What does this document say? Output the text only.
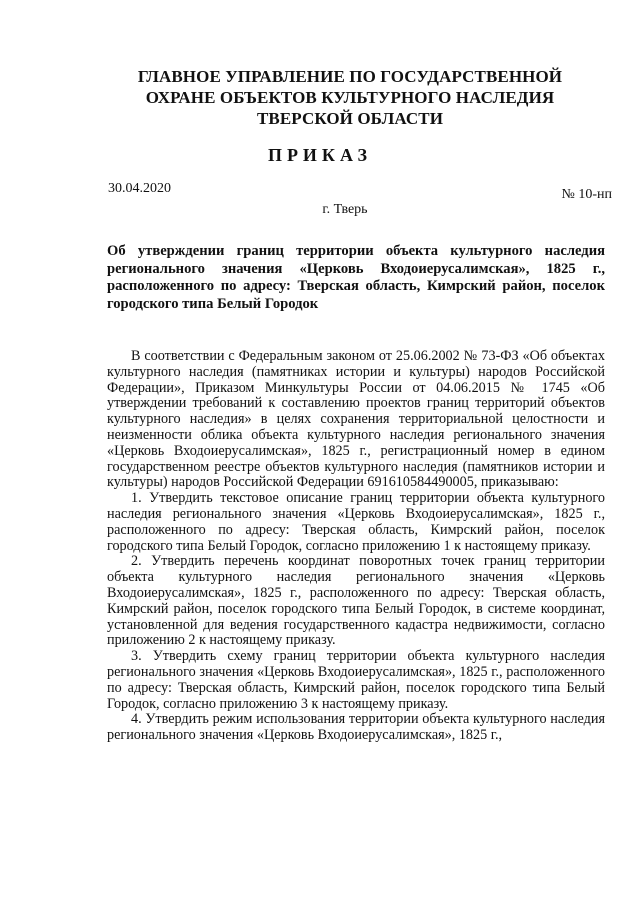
ГЛАВНОЕ УПРАВЛЕНИЕ ПО ГОСУДАРСТВЕННОЙ
ОХРАНЕ ОБЪЕКТОВ КУЛЬТУРНОГО НАСЛЕДИЯ
ТВЕРСКОЙ ОБЛАСТИ
ПРИКАЗ
30.04.2020	№ 10-нп
г. Тверь
Об утверждении границ территории объекта культурного наследия регионального значения «Церковь Входоиерусалимская», 1825 г., расположенного по адресу: Тверская область, Кимрский район, поселок городского типа Белый Городок

В соответствии с Федеральным законом от 25.06.2002 № 73-ФЗ «Об объектах культурного наследия (памятниках истории и культуры) народов Российской Федерации», Приказом Минкультуры России от 04.06.2015 № 1745 «Об утверждении требований к составлению проектов границ территорий объектов культурного наследия» в целях сохранения территориальной целостности и неизменности облика объекта культурного наследия регионального значения «Церковь Входоиерусалимская», 1825 г., регистрационный номер в едином государственном реестре объектов культурного наследия (памятников истории и культуры) народов Российской Федерации 691610584490005, приказываю:

1. Утвердить текстовое описание границ территории объекта культурного наследия регионального значения «Церковь Входоиерусалимская», 1825 г., расположенного по адресу: Тверская область, Кимрский район, поселок городского типа Белый Городок, согласно приложению 1 к настоящему приказу.

2. Утвердить перечень координат поворотных точек границ территории объекта культурного наследия регионального значения «Церковь Входоиерусалимская», 1825 г., расположенного по адресу: Тверская область, Кимрский район, поселок городского типа Белый Городок, в системе координат, установленной для ведения государственного кадастра недвижимости, согласно приложению 2 к настоящему приказу.

3. Утвердить схему границ территории объекта культурного наследия регионального значения «Церковь Входоиерусалимская», 1825 г., расположенного по адресу: Тверская область, Кимрский район, поселок городского типа Белый Городок, согласно приложению 3 к настоящему приказу.

4. Утвердить режим использования территории объекта культурного наследия регионального значения «Церковь Входоиерусалимская», 1825 г.,
